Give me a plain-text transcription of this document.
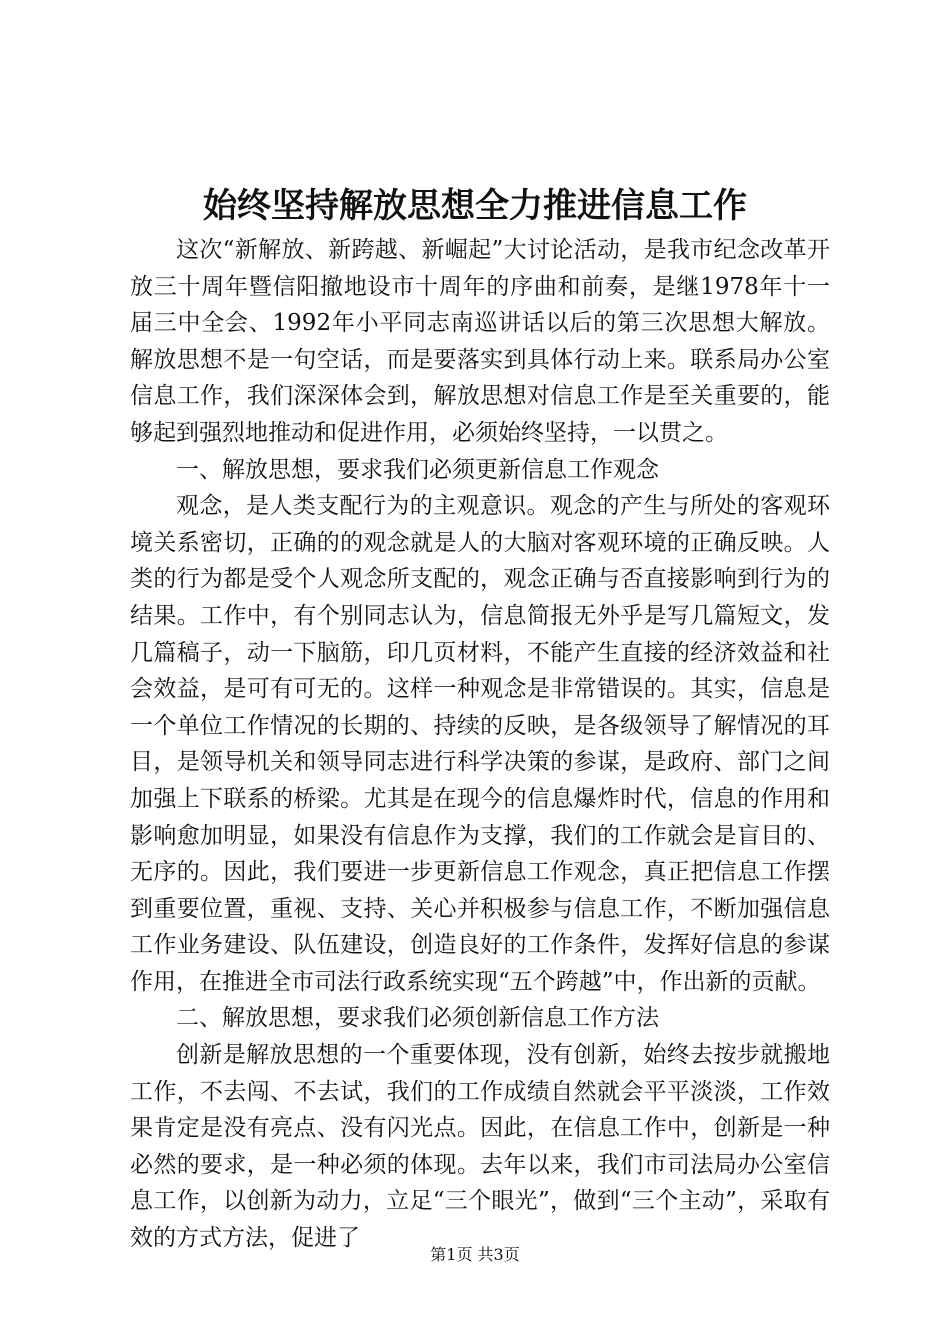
始终坚持解放思想全力推进信息工作

这次“新解放、新跨越、新崛起”大讨论活动，是我市纪念改革开放三十周年暨信阳撤地设市十周年的序曲和前奏，是继1978年十一届三中全会、1992年小平同志南巡讲话以后的第三次思想大解放。解放思想不是一句空话，而是要落实到具体行动上来。联系局办公室信息工作，我们深深体会到，解放思想对信息工作是至关重要的，能够起到强烈地推动和促进作用，必须始终坚持，一以贯之。

一、解放思想，要求我们必须更新信息工作观念

观念，是人类支配行为的主观意识。观念的产生与所处的客观环境关系密切，正确的的观念就是人的大脑对客观环境的正确反映。人类的行为都是受个人观念所支配的，观念正确与否直接影响到行为的结果。工作中，有个别同志认为，信息简报无外乎是写几篇短文，发几篇稿子，动一下脑筋，印几页材料，不能产生直接的经济效益和社会效益，是可有可无的。这样一种观念是非常错误的。其实，信息是一个单位工作情况的长期的、持续的反映，是各级领导了解情况的耳目，是领导机关和领导同志进行科学决策的参谋，是政府、部门之间加强上下联系的桥梁。尤其是在现今的信息爆炸时代，信息的作用和影响愈加明显，如果没有信息作为支撑，我们的工作就会是盲目的、无序的。因此，我们要进一步更新信息工作观念，真正把信息工作摆到重要位置，重视、支持、关心并积极参与信息工作，不断加强信息工作业务建设、队伍建设，创造良好的工作条件，发挥好信息的参谋作用，在推进全市司法行政系统实现“五个跨越”中，作出新的贡献。

二、解放思想，要求我们必须创新信息工作方法

创新是解放思想的一个重要体现，没有创新，始终去按步就搬地工作，不去闯、不去试，我们的工作成绩自然就会平平淡淡，工作效果肯定是没有亮点、没有闪光点。因此，在信息工作中，创新是一种必然的要求，是一种必须的体现。去年以来，我们市司法局办公室信息工作，以创新为动力，立足“三个眼光”，做到“三个主动”，采取有效的方式方法，促进了

第1页 共3页
